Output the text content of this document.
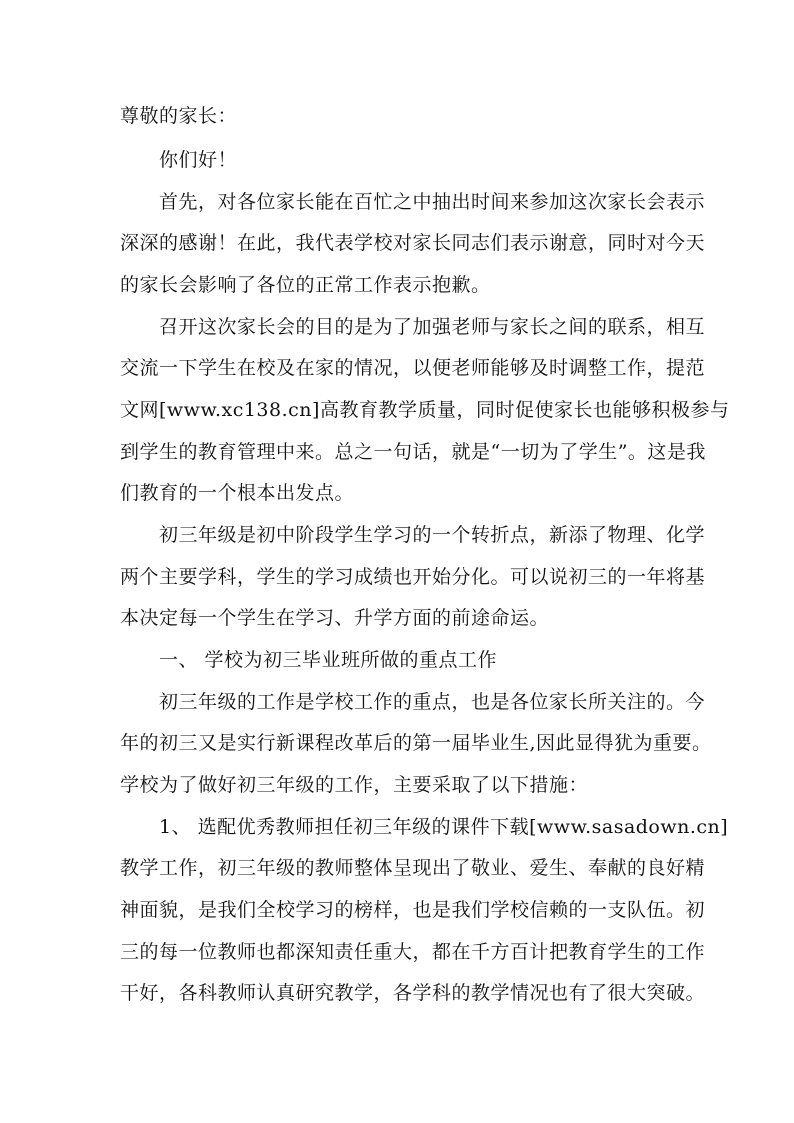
尊敬的家长：
你们好！
首先，对各位家长能在百忙之中抽出时间来参加这次家长会表示
深深的感谢！在此，我代表学校对家长同志们表示谢意，同时对今天
的家长会影响了各位的正常工作表示抱歉。
召开这次家长会的目的是为了加强老师与家长之间的联系，相互
交流一下学生在校及在家的情况，以便老师能够及时调整工作，提范
文网[www.xc138.cn]高教育教学质量，同时促使家长也能够积极参与
到学生的教育管理中来。总之一句话，就是“一切为了学生”。这是我
们教育的一个根本出发点。
初三年级是初中阶段学生学习的一个转折点，新添了物理、化学
两个主要学科，学生的学习成绩也开始分化。可以说初三的一年将基
本决定每一个学生在学习、升学方面的前途命运。
一、 学校为初三毕业班所做的重点工作
初三年级的工作是学校工作的重点，也是各位家长所关注的。今
年的初三又是实行新课程改革后的第一届毕业生,因此显得犹为重要。
学校为了做好初三年级的工作，主要采取了以下措施：
1、 选配优秀教师担任初三年级的课件下载[www.sasadown.cn]
教学工作，初三年级的教师整体呈现出了敬业、爱生、奉献的良好精
神面貌，是我们全校学习的榜样，也是我们学校信赖的一支队伍。初
三的每一位教师也都深知责任重大，都在千方百计把教育学生的工作
干好，各科教师认真研究教学，各学科的教学情况也有了很大突破。
